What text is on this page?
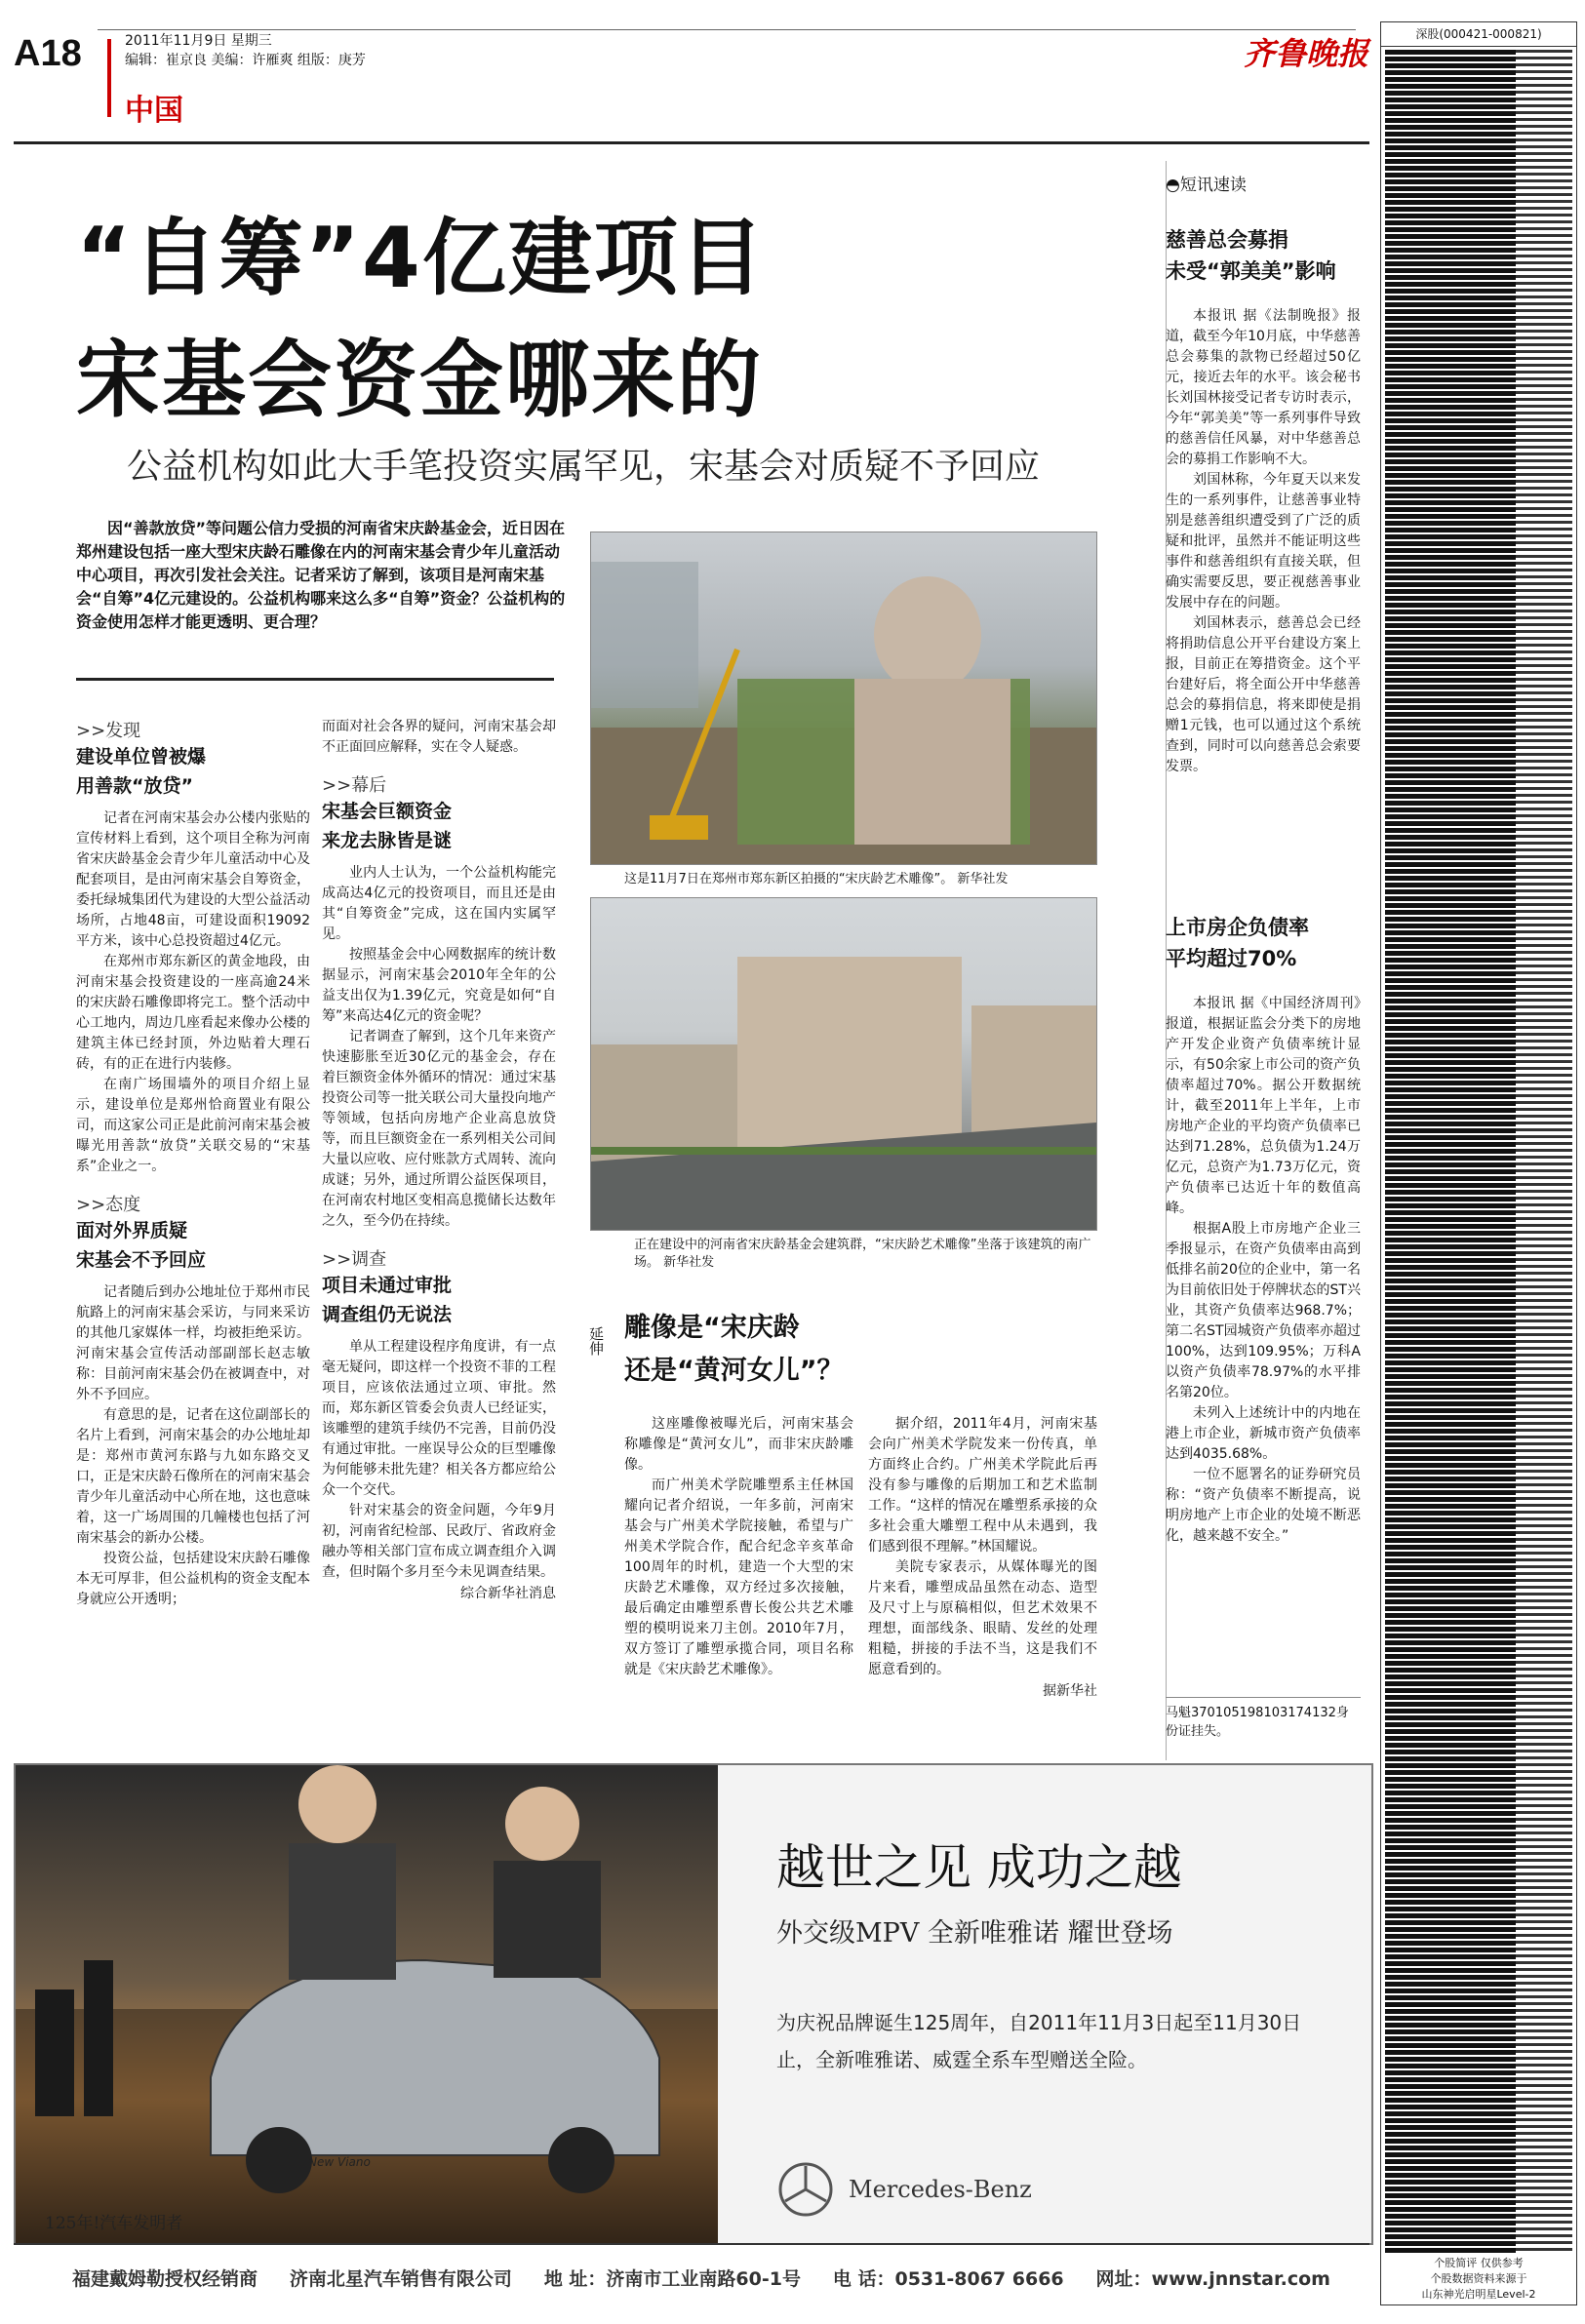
A18	2011年11月9日 星期三
编辑：崔京良 美编：许雁爽 组版：庚芳
中国
齐鲁晚报
“自筹”4亿建项目
宋基会资金哪来的
公益机构如此大手笔投资实属罕见，宋基会对质疑不予回应
因“善款放贷”等问题公信力受损的河南省宋庆龄基金会，近日因在郑州建设包括一座大型宋庆龄石雕像在内的河南宋基会青少年儿童活动中心项目，再次引发社会关注。记者采访了解到，该项目是河南宋基会“自筹”4亿元建设的。公益机构哪来这么多“自筹”资金？公益机构的资金使用怎样才能更透明、更合理？
>>发现
建设单位曾被爆
用善款“放贷”

记者在河南宋基会办公楼内张贴的宣传材料上看到，这个项目全称为河南省宋庆龄基金会青少年儿童活动中心及配套项目，是由河南宋基会自筹资金，委托绿城集团代为建设的大型公益活动场所，占地48亩，可建设面积19092平方米，该中心总投资超过4亿元。

在郑州市郑东新区的黄金地段，由河南宋基会投资建设的一座高逾24米的宋庆龄石雕像即将完工。整个活动中心工地内，周边几座看起来像办公楼的建筑主体已经封顶，外边贴着大理石砖，有的正在进行内装修。

在南广场围墙外的项目介绍上显示，建设单位是郑州恰商置业有限公司，而这家公司正是此前河南宋基会被曝光用善款“放贷”关联交易的“宋基系”企业之一。

>>态度
面对外界质疑
宋基会不予回应

记者随后到办公地址位于郑州市民航路上的河南宋基会采访，与同来采访的其他几家媒体一样，均被拒绝采访。河南宋基会宣传活动部副部长赵志敏称：目前河南宋基会仍在被调查中，对外不予回应。

有意思的是，记者在这位副部长的名片上看到，河南宋基会的办公地址却是：郑州市黄河东路与九如东路交叉口，正是宋庆龄石像所在的河南宋基会青少年儿童活动中心所在地，这也意味着，这一广场周围的几幢楼也包括了河南宋基会的新办公楼。

投资公益，包括建设宋庆龄石雕像本无可厚非，但公益机构的资金支配本身就应公开透明；

而面对社会各界的疑问，河南宋基会却不正面回应解释，实在令人疑惑。

>>幕后
宋基会巨额资金
来龙去脉皆是谜

业内人士认为，一个公益机构能完成高达4亿元的投资项目，而且还是由其“自筹资金”完成，这在国内实属罕见。

按照基金会中心网数据库的统计数据显示，河南宋基会2010年全年的公益支出仅为1.39亿元，究竟是如何“自筹”来高达4亿元的资金呢？

记者调查了解到，这个几年来资产快速膨胀至近30亿元的基金会，存在着巨额资金体外循环的情况：通过宋基投资公司等一批关联公司大量投向地产等领域，包括向房地产企业高息放贷等，而且巨额资金在一系列相关公司间大量以应收、应付账款方式周转、流向成谜；另外，通过所谓公益医保项目，在河南农村地区变相高息揽储长达数年之久，至今仍在持续。

>>调查
项目未通过审批
调查组仍无说法

单从工程建设程序角度讲，有一点毫无疑问，即这样一个投资不菲的工程项目，应该依法通过立项、审批。然而，郑东新区管委会负责人已经证实，该雕塑的建筑手续仍不完善，目前仍没有通过审批。一座误导公众的巨型雕像为何能够未批先建？相关各方都应给公众一个交代。

针对宋基会的资金问题，今年9月初，河南省纪检部、民政厅、省政府金融办等相关部门宣布成立调查组介入调查，但时隔个多月至今未见调查结果。

综合新华社消息
这是11月7日在郑州市郑东新区拍摄的“宋庆龄艺术雕像”。 新华社发
正在建设中的河南省宋庆龄基金会建筑群，“宋庆龄艺术雕像”坐落于该建筑的南广场。 新华社发
延伸 雕像是“宋庆龄
还是“黄河女儿”？

这座雕像被曝光后，河南宋基会称雕像是“黄河女儿”，而非宋庆龄雕像。

而广州美术学院雕塑系主任林国耀向记者介绍说，一年多前，河南宋基会与广州美术学院接触，希望与广州美术学院合作，配合纪念辛亥革命100周年的时机，建造一个大型的宋庆龄艺术雕像，双方经过多次接触，最后确定由雕塑系曹长俊公共艺术雕塑的模明说来刀主创。2010年7月，双方签订了雕塑承揽合同，项目名称就是《宋庆龄艺术雕像》。

据介绍，2011年4月，河南宋基会向广州美术学院发来一份传真，单方面终止合约。广州美术学院此后再没有参与雕像的后期加工和艺术监制工作。“这样的情况在雕塑系承接的众多社会重大雕塑工程中从未遇到，我们感到很不理解。”林国耀说。

美院专家表示，从媒体曝光的图片来看，雕塑成品虽然在动态、造型及尺寸上与原稿相似，但艺术效果不理想，面部线条、眼睛、发丝的处理粗糙，拼接的手法不当，这是我们不愿意看到的。

据新华社
◓短讯速读
慈善总会募捐
未受“郭美美”影响

本报讯 据《法制晚报》报道，截至今年10月底，中华慈善总会募集的款物已经超过50亿元，接近去年的水平。该会秘书长刘国林接受记者专访时表示，今年“郭美美”等一系列事件导致的慈善信任风暴，对中华慈善总会的募捐工作影响不大。

刘国林称，今年夏天以来发生的一系列事件，让慈善事业特别是慈善组织遭受到了广泛的质疑和批评，虽然并不能证明这些事件和慈善组织有直接关联，但确实需要反思，要正视慈善事业发展中存在的问题。

刘国林表示，慈善总会已经将捐助信息公开平台建设方案上报，目前正在筹措资金。这个平台建好后，将全面公开中华慈善总会的募捐信息，将来即使是捐赠1元钱，也可以通过这个系统查到，同时可以向慈善总会索要发票。

上市房企负债率
平均超过70%

本报讯 据《中国经济周刊》报道，根据证监会分类下的房地产开发企业资产负债率统计显示，有50余家上市公司的资产负债率超过70%。据公开数据统计，截至2011年上半年，上市房地产企业的平均资产负债率已达到71.28%，总负债为1.24万亿元，总资产为1.73万亿元，资产负债率已达近十年的数值高峰。

根据A股上市房地产企业三季报显示，在资产负债率由高到低排名前20位的企业中，第一名为目前依旧处于停牌状态的ST兴业，其资产负债率达968.7%；第二名ST园城资产负债率亦超过100%，达到109.95%；万科A以资产负债率78.97%的水平排名第20位。

未列入上述统计中的内地在港上市企业，新城市资产负债率达到4035.68%。

一位不愿署名的证券研究员称：“资产负债率不断提高，说明房地产上市企业的处境不断恶化，越来越不安全。”

马魁370105198103174132身份证挂失。
深股(000421-000821)
个股简评 仅供参考
个股数据资料来源于
山东神光启明星Level-2
New Viano
125年!汽车发明者
越世之见 成功之越
外交级MPV 全新唯雅诺 耀世登场
为庆祝品牌诞生125周年，自2011年11月3日起至11月30日止，全新唯雅诺、威霆全系车型赠送全险。
Mercedes-Benz
福建戴姆勒授权经销商 济南北星汽车销售有限公司 地 址：济南市工业南路60-1号 电 话：0531-8067 6666 网址：www.jnnstar.com
